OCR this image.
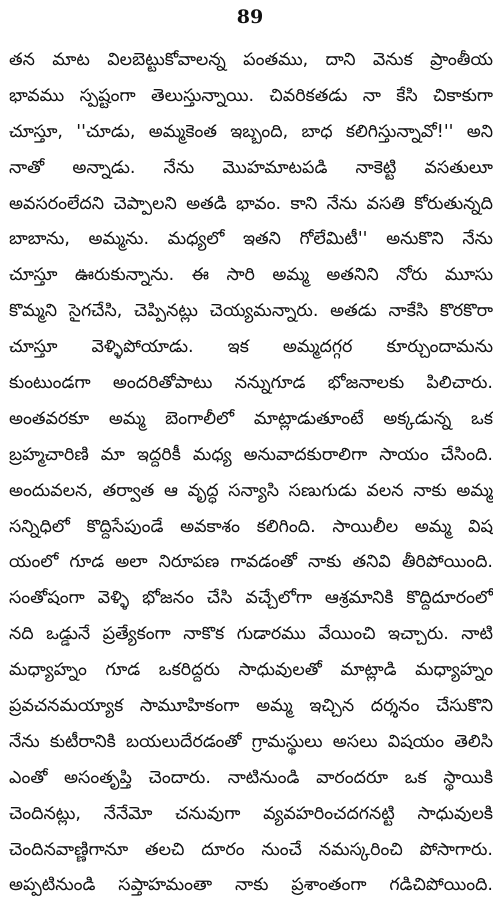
89
తన మాట విలబెట్టుకోవాలన్న పంతము, దాని వెనుక ప్రాంతీయ
భావము స్పష్టంగా తెలుస్తున్నాయి. చివరికతడు నా కేసి చికాకుగా
చూస్తూ, ''చూడు, అమ్మకెంత ఇబ్బంది, బాధ కలిగిస్తున్నావో!'' అని
నాతో అన్నాడు. నేను మొహమాటపడి నాకెట్టి వసతులూ
అవసరంలేదని చెప్పాలని అతడి భావం. కాని నేను వసతి కోరుతున్నది
బాబాను, అమ్మను. మధ్యలో ఇతని గోలేమిటీ'' అనుకొని నేను
చూస్తూ ఊరుకున్నాను. ఈ సారి అమ్మ అతనిని నోరు మూసు
కొమ్మని సైగచేసి, చెప్పినట్లు చెయ్యమన్నారు. అతడు నాకేసి కొరకొరా
చూస్తూ వెళ్ళిపోయాడు. ఇక అమ్మదగ్గర కూర్చుందామను
కుంటుండగా అందరితోపాటు నన్నుగూడ భోజనాలకు పిలిచారు.
అంతవరకూ అమ్మ బెంగాలీలో మాట్లాడుతూంటే అక్కడున్న ఒక
బ్రహ్మచారిణి మా ఇద్దరికీ మధ్య అనువాదకురాలిగా సాయం చేసింది.
అందువలన, తర్వాత ఆ వృద్ధ సన్యాసి సణుగుడు వలన నాకు అమ్మ
సన్నిధిలో కొద్దిసేపుండే అవకాశం కలిగింది. సాయిలీల అమ్మ విష
యంలో గూడ అలా నిరూపణ గావడంతో నాకు తనివి తీరిపోయింది.
సంతోషంగా వెళ్ళి భోజనం చేసి వచ్చేలోగా ఆశ్రమానికి కొద్దిదూరంలో
నది ఒడ్డునే ప్రత్యేకంగా నాకొక గుడారము వేయించి ఇచ్చారు. నాటి
మధ్యాహ్నం గూడ ఒకరిద్దరు సాధువులతో మాట్లాడి మధ్యాహ్నం
ప్రవచనమయ్యాక సామూహికంగా అమ్మ ఇచ్చిన దర్శనం చేసుకొని
నేను కుటీరానికి బయలుదేరడంతో గ్రామస్థులు అసలు విషయం తెలిసి
ఎంతో అసంతృప్తి చెందారు. నాటినుండి వారందరూ ఒక స్థాయికి
చెందినట్లు, నేనేమో చనువుగా వ్యవహరించదగనట్టి సాధువులకి
చెందినవాణ్ణిగానూ తలచి దూరం నుంచే నమస్కరించి పోసాగారు.
అప్పటినుండి సప్తాహమంతా నాకు ప్రశాంతంగా గడిచిపోయింది.
